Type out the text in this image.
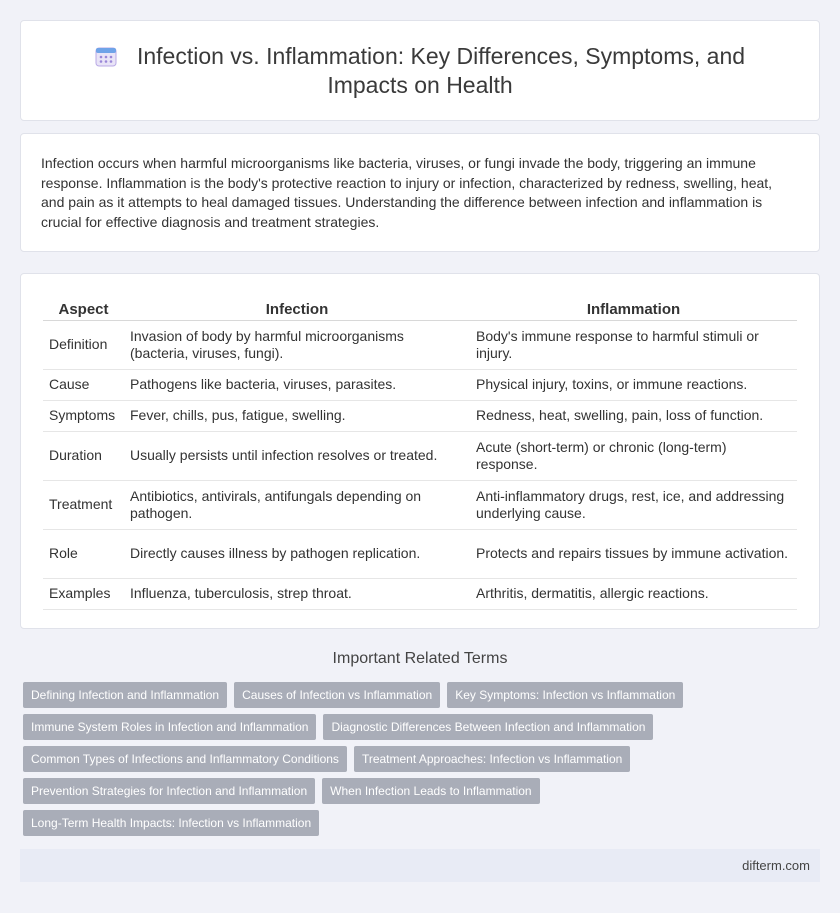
Infection vs. Inflammation: Key Differences, Symptoms, and Impacts on Health

Infection occurs when harmful microorganisms like bacteria, viruses, or fungi invade the body, triggering an immune response. Inflammation is the body's protective reaction to injury or infection, characterized by redness, swelling, heat, and pain as it attempts to heal damaged tissues. Understanding the difference between infection and inflammation is crucial for effective diagnosis and treatment strategies.

Aspect	Infection	Inflammation
Definition	Invasion of body by harmful microorganisms (bacteria, viruses, fungi).	Body's immune response to harmful stimuli or injury.
Cause	Pathogens like bacteria, viruses, parasites.	Physical injury, toxins, or immune reactions.
Symptoms	Fever, chills, pus, fatigue, swelling.	Redness, heat, swelling, pain, loss of function.
Duration	Usually persists until infection resolves or treated.	Acute (short-term) or chronic (long-term) response.
Treatment	Antibiotics, antivirals, antifungals depending on pathogen.	Anti-inflammatory drugs, rest, ice, and addressing underlying cause.
Role	Directly causes illness by pathogen replication.	Protects and repairs tissues by immune activation.
Examples	Influenza, tuberculosis, strep throat.	Arthritis, dermatitis, allergic reactions.
Important Related Terms
Defining Infection and Inflammation	Causes of Infection vs Inflammation	Key Symptoms: Infection vs Inflammation
Immune System Roles in Infection and Inflammation	Diagnostic Differences Between Infection and Inflammation
Common Types of Infections and Inflammatory Conditions	Treatment Approaches: Infection vs Inflammation
Prevention Strategies for Infection and Inflammation	When Infection Leads to Inflammation
Long-Term Health Impacts: Infection vs Inflammation
difterm.com
